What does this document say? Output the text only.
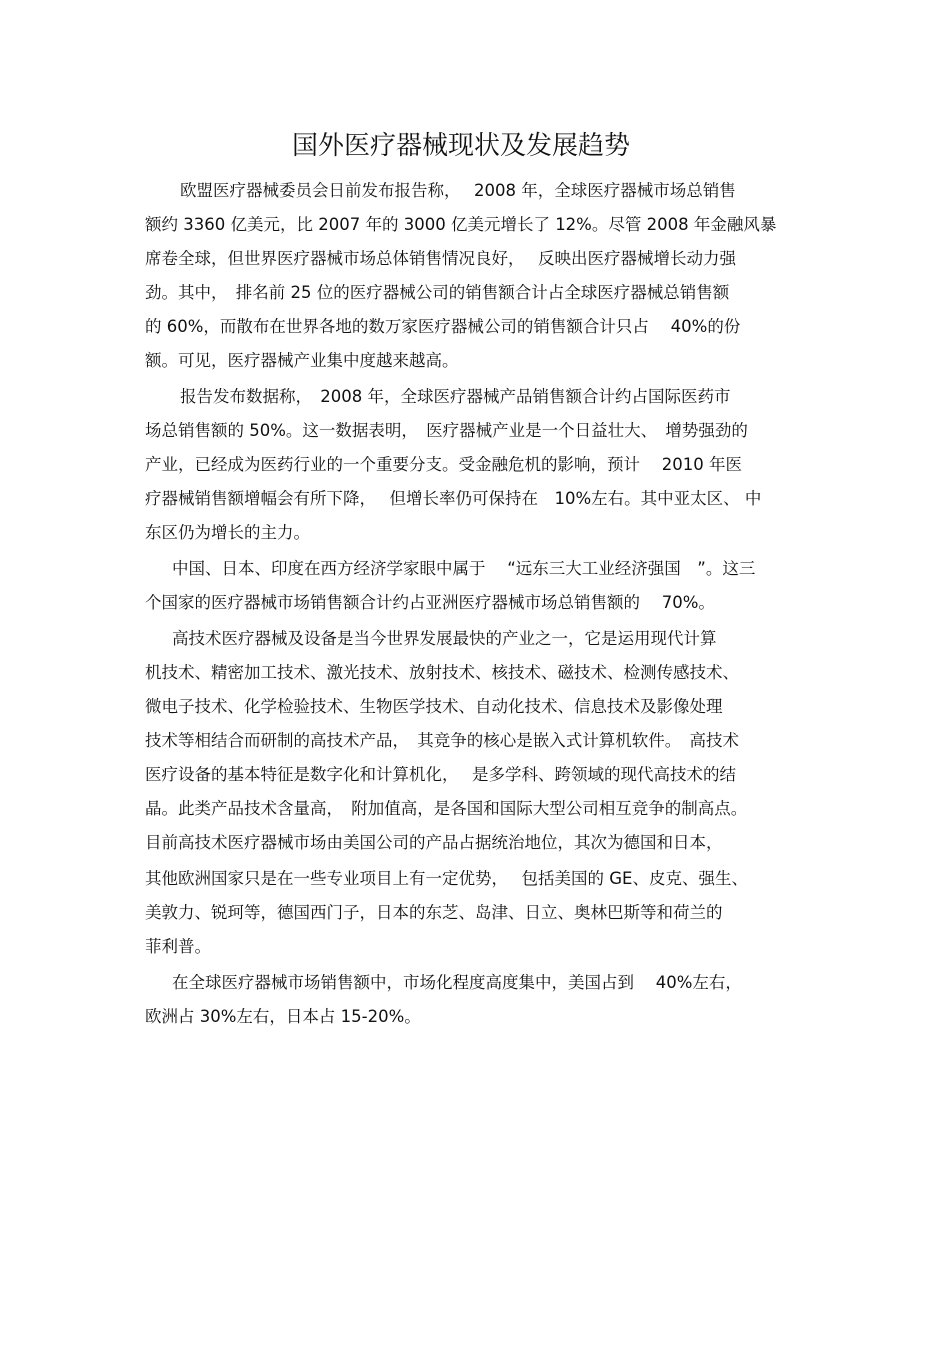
国外医疗器械现状及发展趋势
欧盟医疗器械委员会日前发布报告称，　 2008 年，全球医疗器械市场总销售
额约 3360 亿美元，比 2007 年的 3000 亿美元增长了 12%。尽管 2008 年金融风暴
席卷全球，但世界医疗器械市场总体销售情况良好，　 反映出医疗器械增长动力强
劲。其中，　排名前 25 位的医疗器械公司的销售额合计占全球医疗器械总销售额
的 60%，而散布在世界各地的数万家医疗器械公司的销售额合计只占　 40%的份
额。可见，医疗器械产业集中度越来越高。
报告发布数据称，　2008 年，全球医疗器械产品销售额合计约占国际医药市
场总销售额的 50%。这一数据表明，　医疗器械产业是一个日益壮大、　增势强劲的
产业，已经成为医药行业的一个重要分支。受金融危机的影响，预计　 2010 年医
疗器械销售额增幅会有所下降，　 但增长率仍可保持在　10%左右。其中亚太区、 中
东区仍为增长的主力。
中国、日本、印度在西方经济学家眼中属于　 “远东三大工业经济强国　”。这三
个国家的医疗器械市场销售额合计约占亚洲医疗器械市场总销售额的　 70%。
高技术医疗器械及设备是当今世界发展最快的产业之一，它是运用现代计算
机技术、精密加工技术、激光技术、放射技术、核技术、磁技术、检测传感技术、
微电子技术、化学检验技术、生物医学技术、自动化技术、信息技术及影像处理
技术等相结合而研制的高技术产品，　其竞争的核心是嵌入式计算机软件。　高技术
医疗设备的基本特征是数字化和计算机化，　 是多学科、跨领域的现代高技术的结
晶。此类产品技术含量高，　附加值高，是各国和国际大型公司相互竞争的制高点。
目前高技术医疗器械市场由美国公司的产品占据统治地位，其次为德国和日本，
其他欧洲国家只是在一些专业项目上有一定优势，　 包括美国的 GE、皮克、强生、
美敦力、锐珂等，德国西门子，日本的东芝、岛津、日立、奥林巴斯等和荷兰的
菲利普。
在全球医疗器械市场销售额中，市场化程度高度集中，美国占到　 40%左右，
欧洲占 30%左右，日本占 15-20%。
